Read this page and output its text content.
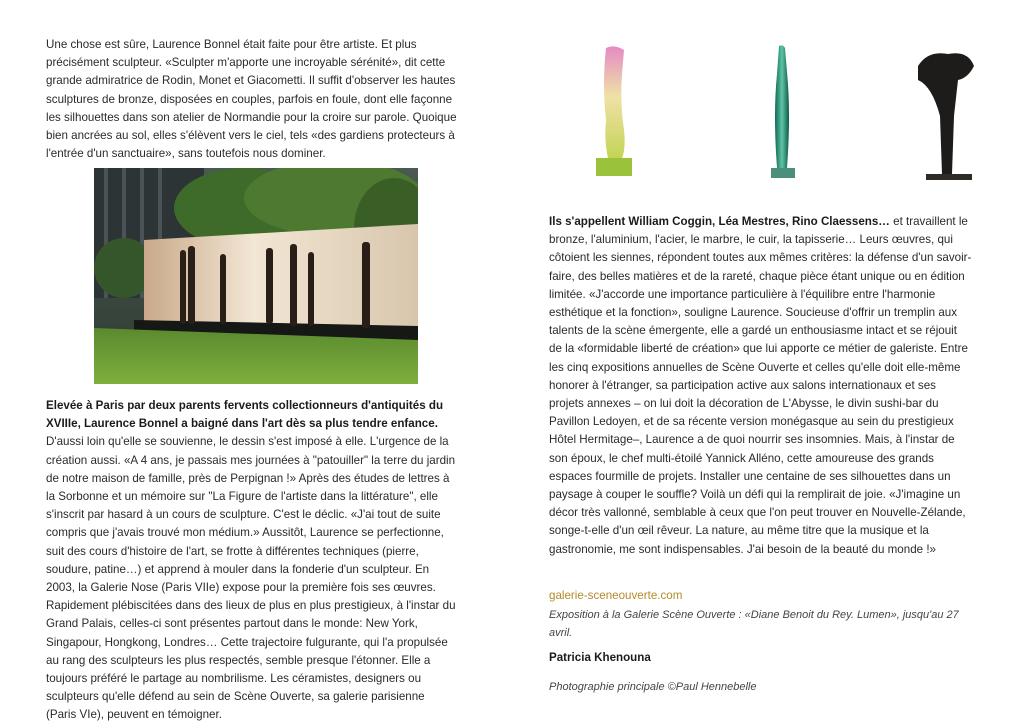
Une chose est sûre, Laurence Bonnel était faite pour être artiste. Et plus précisément sculpteur. «Sculpter m'apporte une incroyable sérénité», dit cette grande admiratrice de Rodin, Monet et Giacometti. Il suffit d'observer les hautes sculptures de bronze, disposées en couples, parfois en foule, dont elle façonne les silhouettes dans son atelier de Normandie pour la croire sur parole. Quoique bien ancrées au sol, elles s'élèvent vers le ciel, tels «des gardiens protecteurs à l'entrée d'un sanctuaire», sans toutefois nous dominer.

Elevée à Paris par deux parents fervents collectionneurs d'antiquités du XVIIIe, Laurence Bonnel a baigné dans l'art dès sa plus tendre enfance. D'aussi loin qu'elle se souvienne, le dessin s'est imposé à elle. L'urgence de la création aussi. «A 4 ans, je passais mes journées à "patouiller" la terre du jardin de notre maison de famille, près de Perpignan !» Après des études de lettres à la Sorbonne et un mémoire sur "La Figure de l'artiste dans la littérature", elle s'inscrit par hasard à un cours de sculpture. C'est le déclic. «J'ai tout de suite compris que j'avais trouvé mon médium.» Aussitôt, Laurence se perfectionne, suit des cours d'histoire de l'art, se frotte à différentes techniques (pierre, soudure, patine…) et apprend à mouler dans la fonderie d'un sculpteur. En 2003, la Galerie Nose (Paris VIIe) expose pour la première fois ses œuvres. Rapidement plébiscitées dans des lieux de plus en plus prestigieux, à l'instar du Grand Palais, celles-ci sont présentes partout dans le monde: New York, Singapour, Hongkong, Londres… Cette trajectoire fulgurante, qui l'a propulsée au rang des sculpteurs les plus respectés, semble presque l'étonner. Elle a toujours préféré le partage au nombrilisme. Les céramistes, designers ou sculpteurs qu'elle défend au sein de Scène Ouverte, sa galerie parisienne (Paris VIe), peuvent en témoigner.

Ils s'appellent William Coggin, Léa Mestres, Rino Claessens… et travaillent le bronze, l'aluminium, l'acier, le marbre, le cuir, la tapisserie… Leurs œuvres, qui côtoient les siennes, répondent toutes aux mêmes critères: la défense d'un savoir-faire, des belles matières et de la rareté, chaque pièce étant unique ou en édition limitée. «J'accorde une importance particulière à l'équilibre entre l'harmonie esthétique et la fonction», souligne Laurence. Soucieuse d'offrir un tremplin aux talents de la scène émergente, elle a gardé un enthousiasme intact et se réjouit de la «formidable liberté de création» que lui apporte ce métier de galeriste. Entre les cinq expositions annuelles de Scène Ouverte et celles qu'elle doit elle-même honorer à l'étranger, sa participation active aux salons internationaux et ses projets annexes – on lui doit la décoration de L'Abysse, le divin sushi-bar du Pavillon Ledoyen, et de sa récente version monégasque au sein du prestigieux Hôtel Hermitage–, Laurence a de quoi nourrir ses insomnies. Mais, à l'instar de son époux, le chef multi-étoilé Yannick Alléno, cette amoureuse des grands espaces fourmille de projets. Installer une centaine de ses silhouettes dans un paysage à couper le souffle? Voilà un défi qui la remplirait de joie. «J'imagine un décor très vallonné, semblable à ceux que l'on peut trouver en Nouvelle-Zélande, songe-t-elle d'un œil rêveur. La nature, au même titre que la musique et la gastronomie, me sont indispensables. J'ai besoin de la beauté du monde !»

galerie-sceneouverte.com
Exposition à la Galerie Scène Ouverte : «Diane Benoit du Rey. Lumen», jusqu'au 27 avril.
Patricia Khenouna
Photographie principale ©Paul Hennebelle
